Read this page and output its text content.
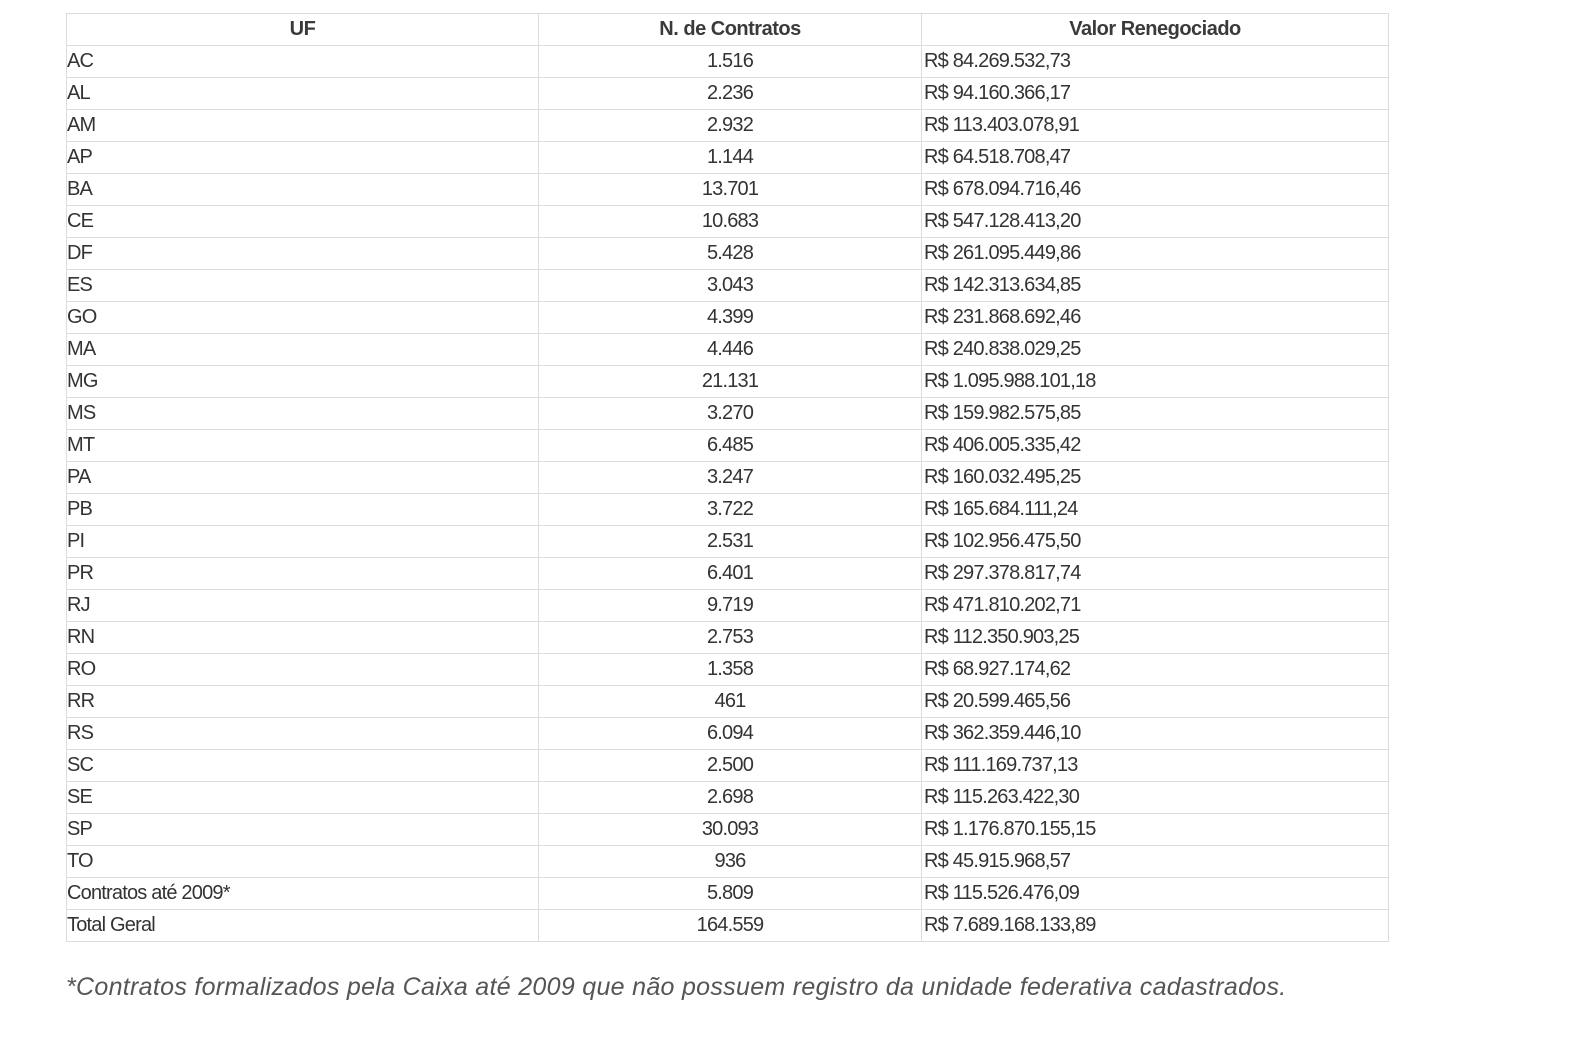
UF	N. de Contratos	Valor Renegociado
AC	1.516	R$ 84.269.532,73
AL	2.236	R$ 94.160.366,17
AM	2.932	R$ 113.403.078,91
AP	1.144	R$ 64.518.708,47
BA	13.701	R$ 678.094.716,46
CE	10.683	R$ 547.128.413,20
DF	5.428	R$ 261.095.449,86
ES	3.043	R$ 142.313.634,85
GO	4.399	R$ 231.868.692,46
MA	4.446	R$ 240.838.029,25
MG	21.131	R$ 1.095.988.101,18
MS	3.270	R$ 159.982.575,85
MT	6.485	R$ 406.005.335,42
PA	3.247	R$ 160.032.495,25
PB	3.722	R$ 165.684.111,24
PI	2.531	R$ 102.956.475,50
PR	6.401	R$ 297.378.817,74
RJ	9.719	R$ 471.810.202,71
RN	2.753	R$ 112.350.903,25
RO	1.358	R$ 68.927.174,62
RR	461	R$ 20.599.465,56
RS	6.094	R$ 362.359.446,10
SC	2.500	R$ 111.169.737,13
SE	2.698	R$ 115.263.422,30
SP	30.093	R$ 1.176.870.155,15
TO	936	R$ 45.915.968,57
Contratos até 2009*	5.809	R$ 115.526.476,09
Total Geral	164.559	R$ 7.689.168.133,89
*Contratos formalizados pela Caixa até 2009 que não possuem registro da unidade federativa cadastrados.
